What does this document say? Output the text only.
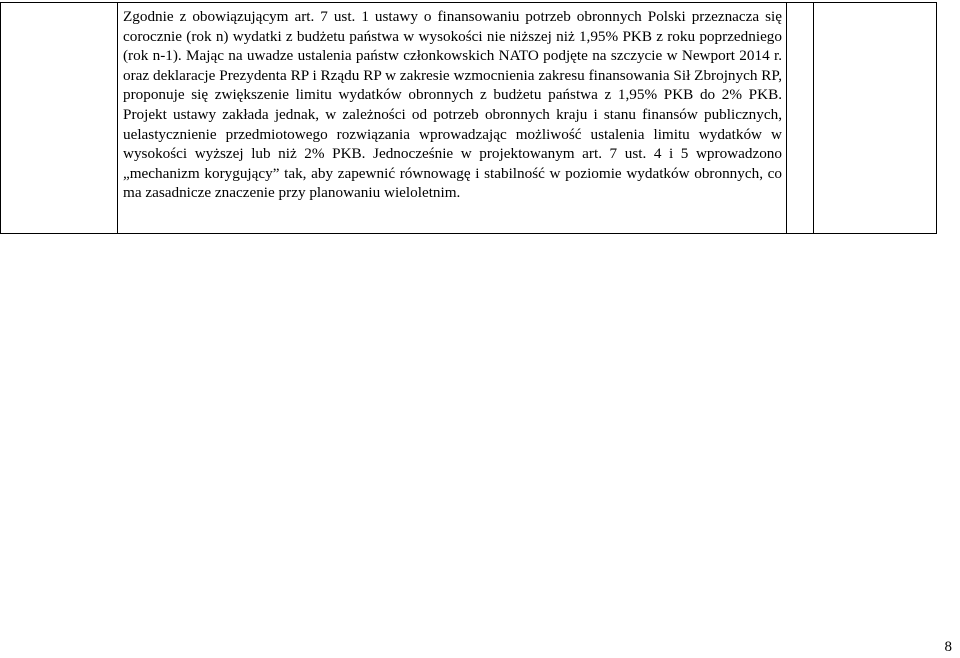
Zgodnie z obowiązującym art. 7 ust. 1 ustawy o finansowaniu potrzeb obronnych Polski przeznacza się corocznie (rok n) wydatki z budżetu państwa w wysokości nie niższej niż 1,95% PKB z roku poprzedniego (rok n-1). Mając na uwadze ustalenia państw członkowskich NATO podjęte na szczycie w Newport 2014 r. oraz deklaracje Prezydenta RP i Rządu RP w zakresie wzmocnienia zakresu finansowania Sił Zbrojnych RP, proponuje się zwiększenie limitu wydatków obronnych z budżetu państwa z 1,95% PKB do 2% PKB. Projekt ustawy zakłada jednak, w zależności od potrzeb obronnych kraju i stanu finansów publicznych, uelastycznienie przedmiotowego rozwiązania wprowadzając możliwość ustalenia limitu wydatków w wysokości wyższej lub niż 2% PKB. Jednocześnie w projektowanym art. 7 ust. 4 i 5 wprowadzono „mechanizm korygujący” tak, aby zapewnić równowagę i stabilność w poziomie wydatków obronnych, co ma zasadnicze znaczenie przy planowaniu wieloletnim.

8
